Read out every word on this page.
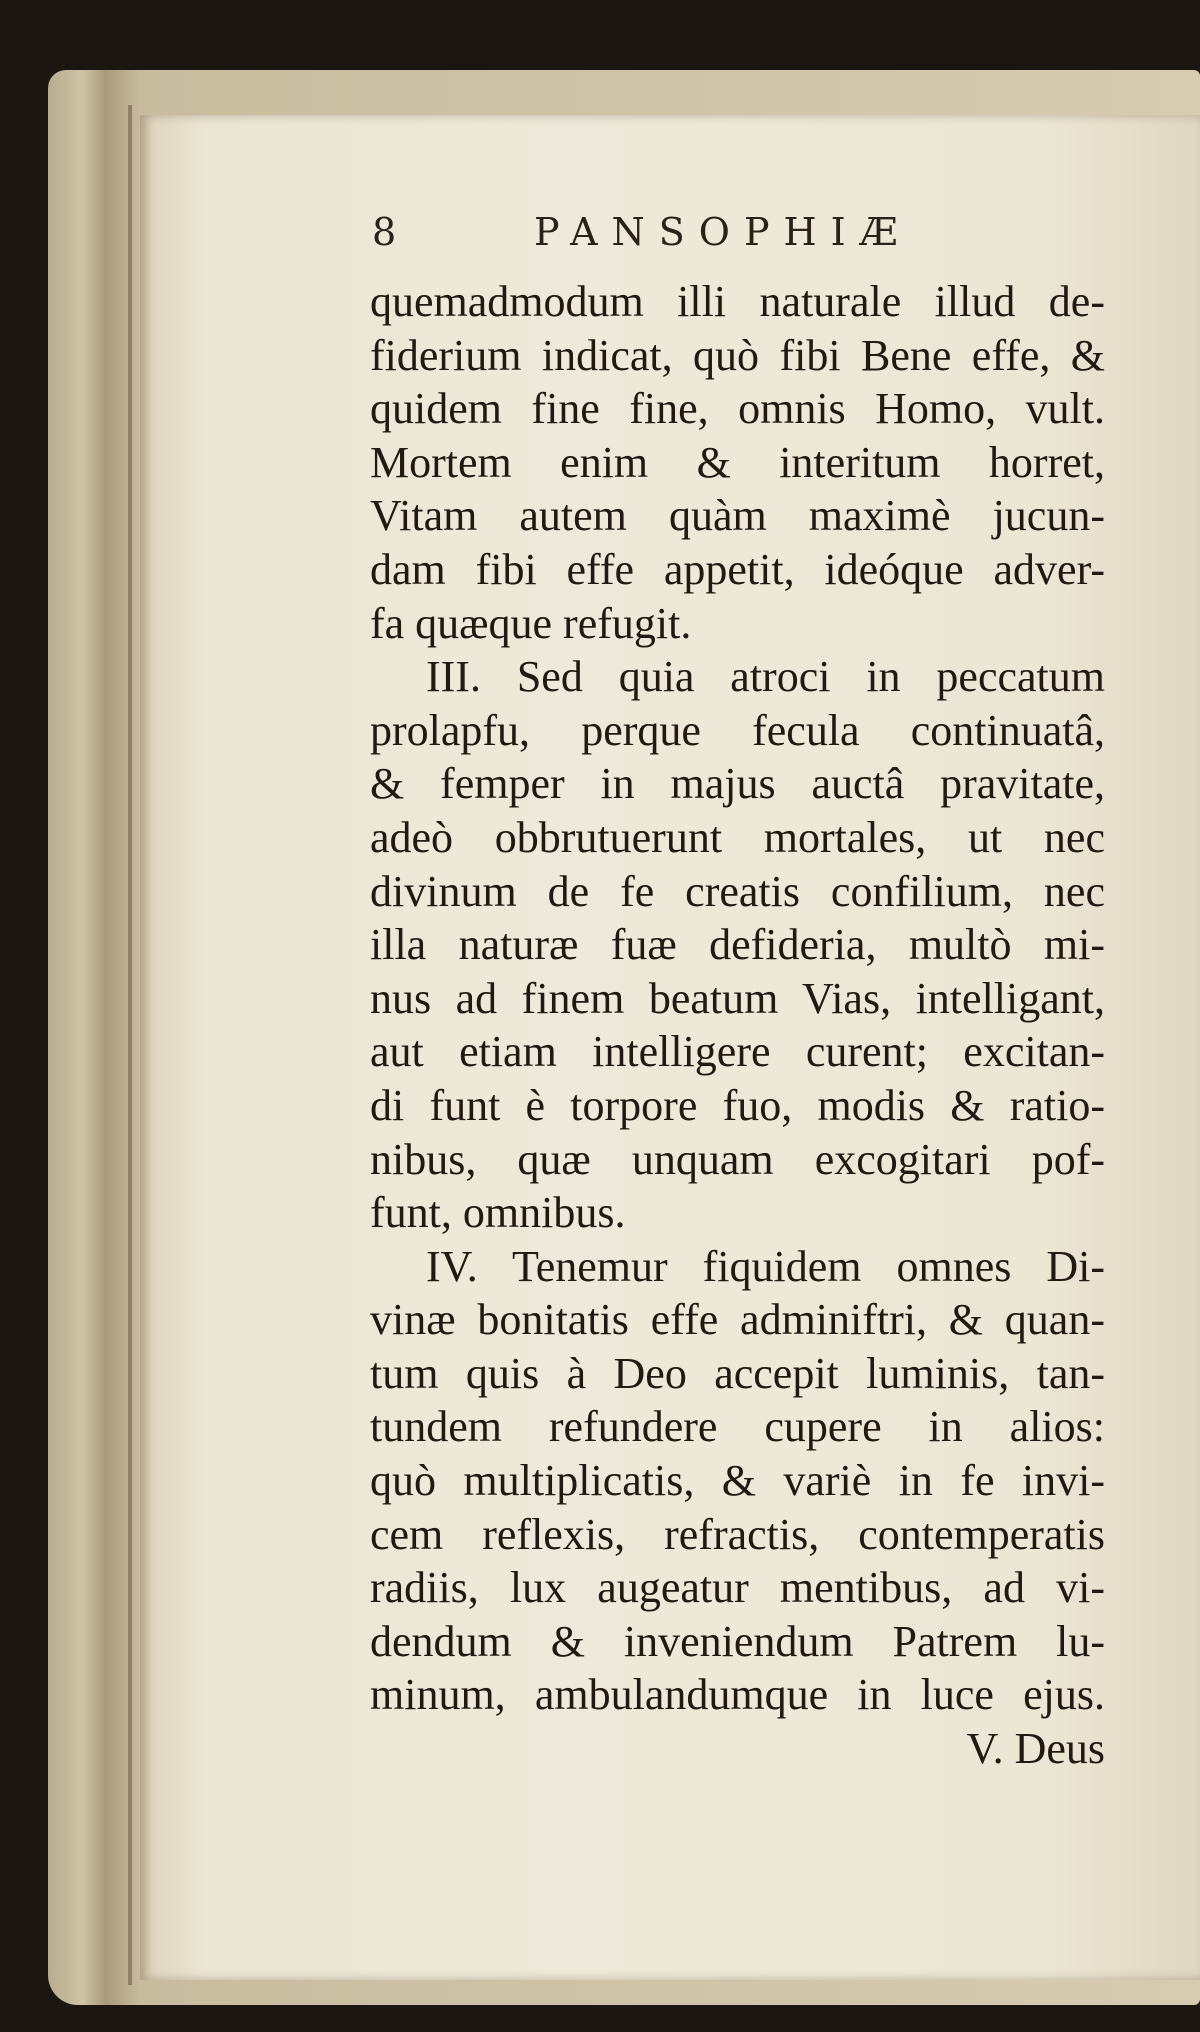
8	PANSOPHIÆ
quemadmodum illi naturale illud de-
fiderium indicat, quò fibi Bene effe, &
quidem fine fine, omnis Homo, vult.
Mortem enim & interitum horret,
Vitam autem quàm maximè jucun-
dam fibi effe appetit, ideóque adver-
fa quæque refugit.
III. Sed quia atroci in peccatum
prolapfu, perque fecula continuatâ,
& femper in majus auctâ pravitate,
adeò obbrutuerunt mortales, ut nec
divinum de fe creatis confilium, nec
illa naturæ fuæ defideria, multò mi-
nus ad finem beatum Vias, intelligant,
aut etiam intelligere curent; excitan-
di funt è torpore fuo, modis & ratio-
nibus, quæ unquam excogitari pof-
funt, omnibus.
IV. Tenemur fiquidem omnes Di-
vinæ bonitatis effe adminiftri, & quan-
tum quis à Deo accepit luminis, tan-
tundem refundere cupere in alios:
quò multiplicatis, & variè in fe invi-
cem reflexis, refractis, contemperatis
radiis, lux augeatur mentibus, ad vi-
dendum & inveniendum Patrem lu-
minum, ambulandumque in luce ejus.
V. Deus
